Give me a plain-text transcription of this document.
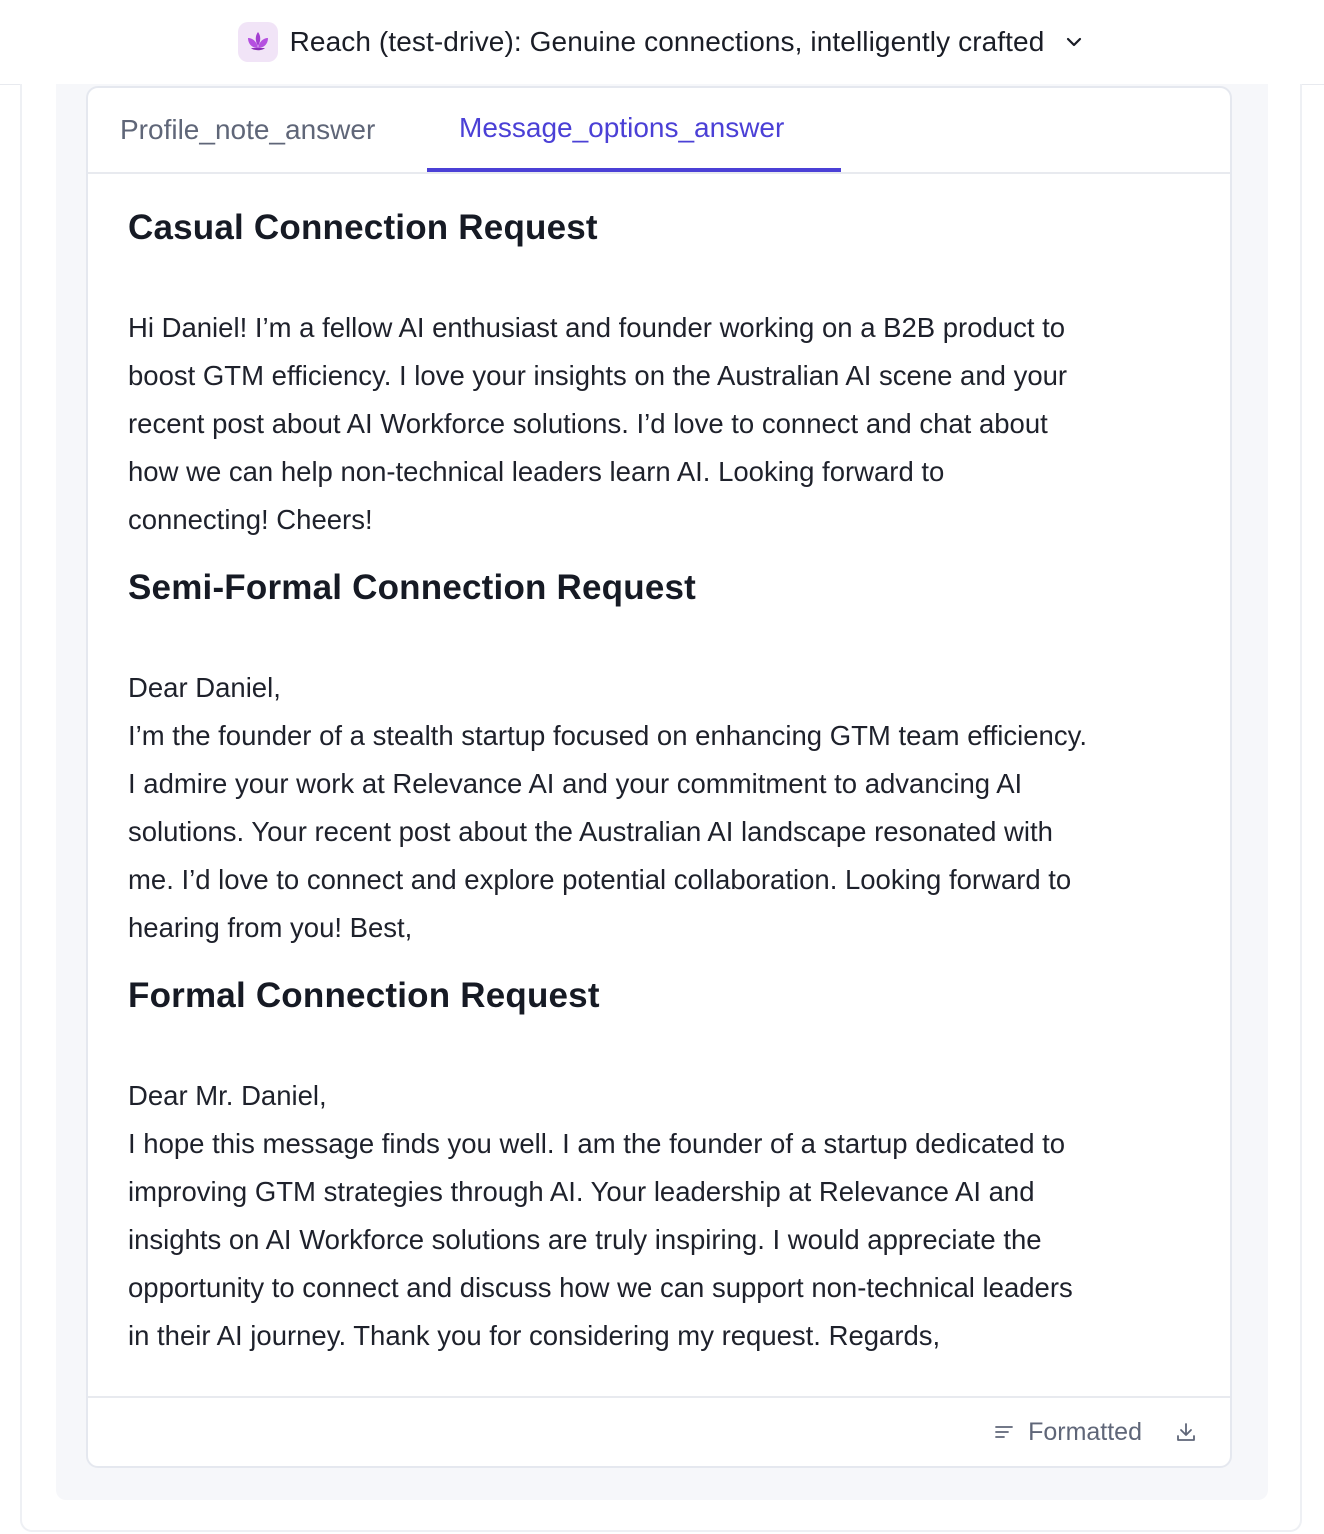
Reach (test-drive): Genuine connections, intelligently crafted
Profile_note_answer	Message_options_answer
Casual Connection Request

Hi Daniel! I’m a fellow AI enthusiast and founder working on a B2B product to

boost GTM efficiency. I love your insights on the Australian AI scene and your

recent post about AI Workforce solutions. I’d love to connect and chat about

how we can help non-technical leaders learn AI. Looking forward to

connecting! Cheers!

Semi-Formal Connection Request

Dear Daniel,

I’m the founder of a stealth startup focused on enhancing GTM team efficiency.

I admire your work at Relevance AI and your commitment to advancing AI

solutions. Your recent post about the Australian AI landscape resonated with

me. I’d love to connect and explore potential collaboration. Looking forward to

hearing from you! Best,

Formal Connection Request

Dear Mr. Daniel,

I hope this message finds you well. I am the founder of a startup dedicated to

improving GTM strategies through AI. Your leadership at Relevance AI and

insights on AI Workforce solutions are truly inspiring. I would appreciate the

opportunity to connect and discuss how we can support non-technical leaders

in their AI journey. Thank you for considering my request. Regards,

Formatted
